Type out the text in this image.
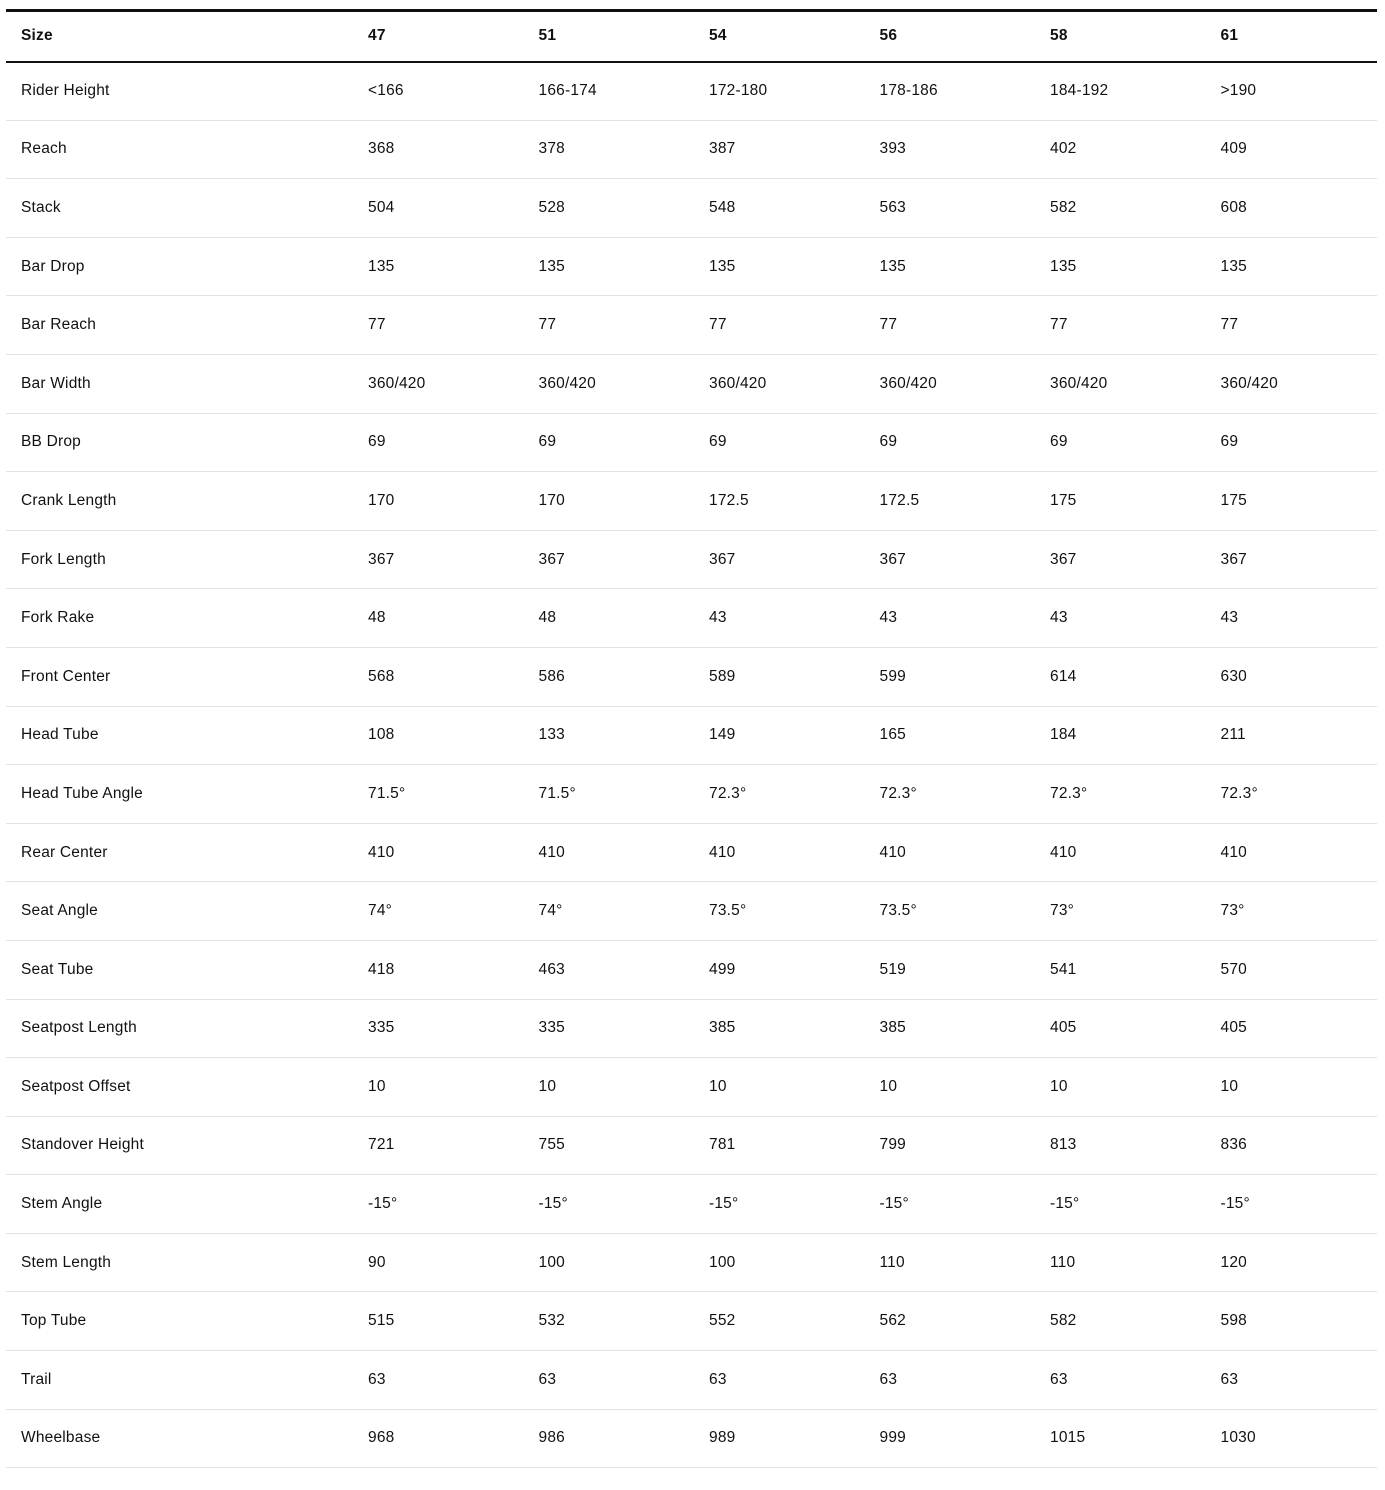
Size	47	51	54	56	58	61
Rider Height	<166	166-174	172-180	178-186	184-192	>190
Reach	368	378	387	393	402	409
Stack	504	528	548	563	582	608
Bar Drop	135	135	135	135	135	135
Bar Reach	77	77	77	77	77	77
Bar Width	360/420	360/420	360/420	360/420	360/420	360/420
BB Drop	69	69	69	69	69	69
Crank Length	170	170	172.5	172.5	175	175
Fork Length	367	367	367	367	367	367
Fork Rake	48	48	43	43	43	43
Front Center	568	586	589	599	614	630
Head Tube	108	133	149	165	184	211
Head Tube Angle	71.5°	71.5°	72.3°	72.3°	72.3°	72.3°
Rear Center	410	410	410	410	410	410
Seat Angle	74°	74°	73.5°	73.5°	73°	73°
Seat Tube	418	463	499	519	541	570
Seatpost Length	335	335	385	385	405	405
Seatpost Offset	10	10	10	10	10	10
Standover Height	721	755	781	799	813	836
Stem Angle	-15°	-15°	-15°	-15°	-15°	-15°
Stem Length	90	100	100	110	110	120
Top Tube	515	532	552	562	582	598
Trail	63	63	63	63	63	63
Wheelbase	968	986	989	999	1015	1030
